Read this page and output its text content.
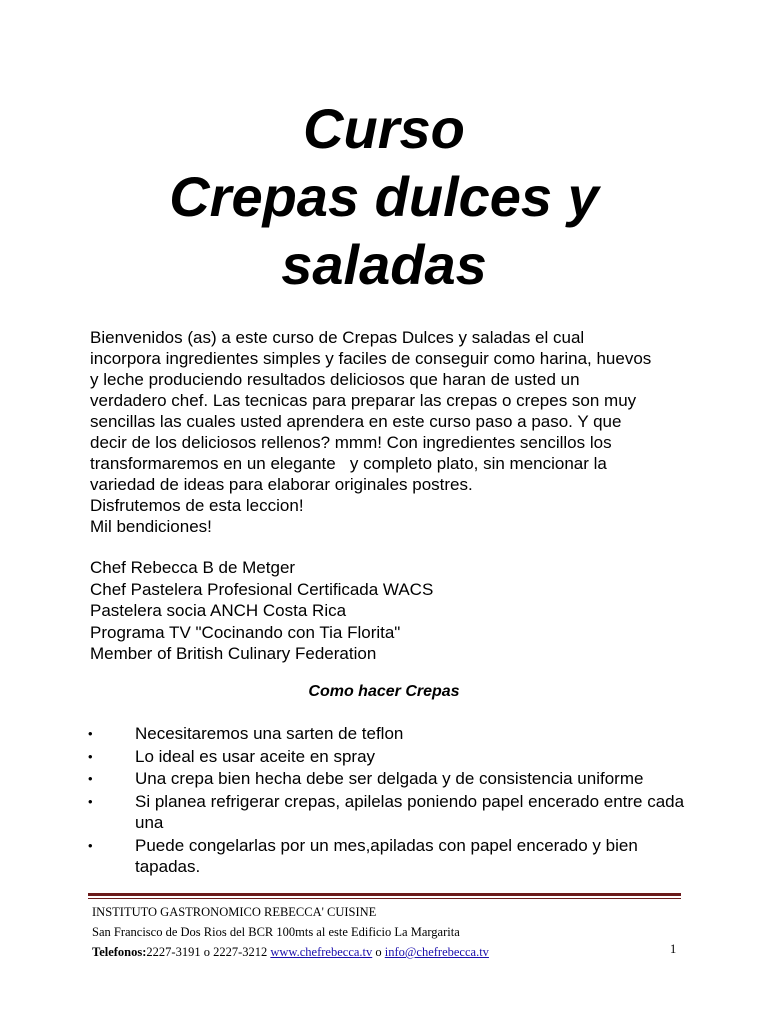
Curso
Crepas dulces y
saladas
Bienvenidos (as) a este curso de Crepas Dulces y saladas el cual
incorpora ingredientes simples y faciles de conseguir como harina, huevos
y leche produciendo resultados deliciosos que haran de usted un
verdadero chef. Las tecnicas para preparar las crepas o crepes son muy
sencillas las cuales usted aprendera en este curso paso a paso. Y que
decir de los deliciosos rellenos? mmm! Con ingredientes sencillos los
transformaremos en un elegante   y completo plato, sin mencionar la
variedad de ideas para elaborar originales postres.
Disfrutemos de esta leccion!
Mil bendiciones!
Chef Rebecca B de Metger
Chef Pastelera Profesional Certificada WACS
Pastelera socia ANCH Costa Rica
Programa TV "Cocinando con Tia Florita"
Member of British Culinary Federation
Como hacer Crepas
• Necesitaremos una sarten de teflon
• Lo ideal es usar aceite en spray
• Una crepa bien hecha debe ser delgada y de consistencia uniforme
• Si planea refrigerar crepas, apilelas poniendo papel encerado entre cada una
• Puede congelarlas por un mes,apiladas con papel encerado y bien tapadas.
INSTITUTO GASTRONOMICO REBECCA' CUISINE
San Francisco de Dos Rios del BCR 100mts al este Edificio La Margarita
Telefonos:2227-3191 o 2227-3212 www.chefrebecca.tv o info@chefrebecca.tv	1
